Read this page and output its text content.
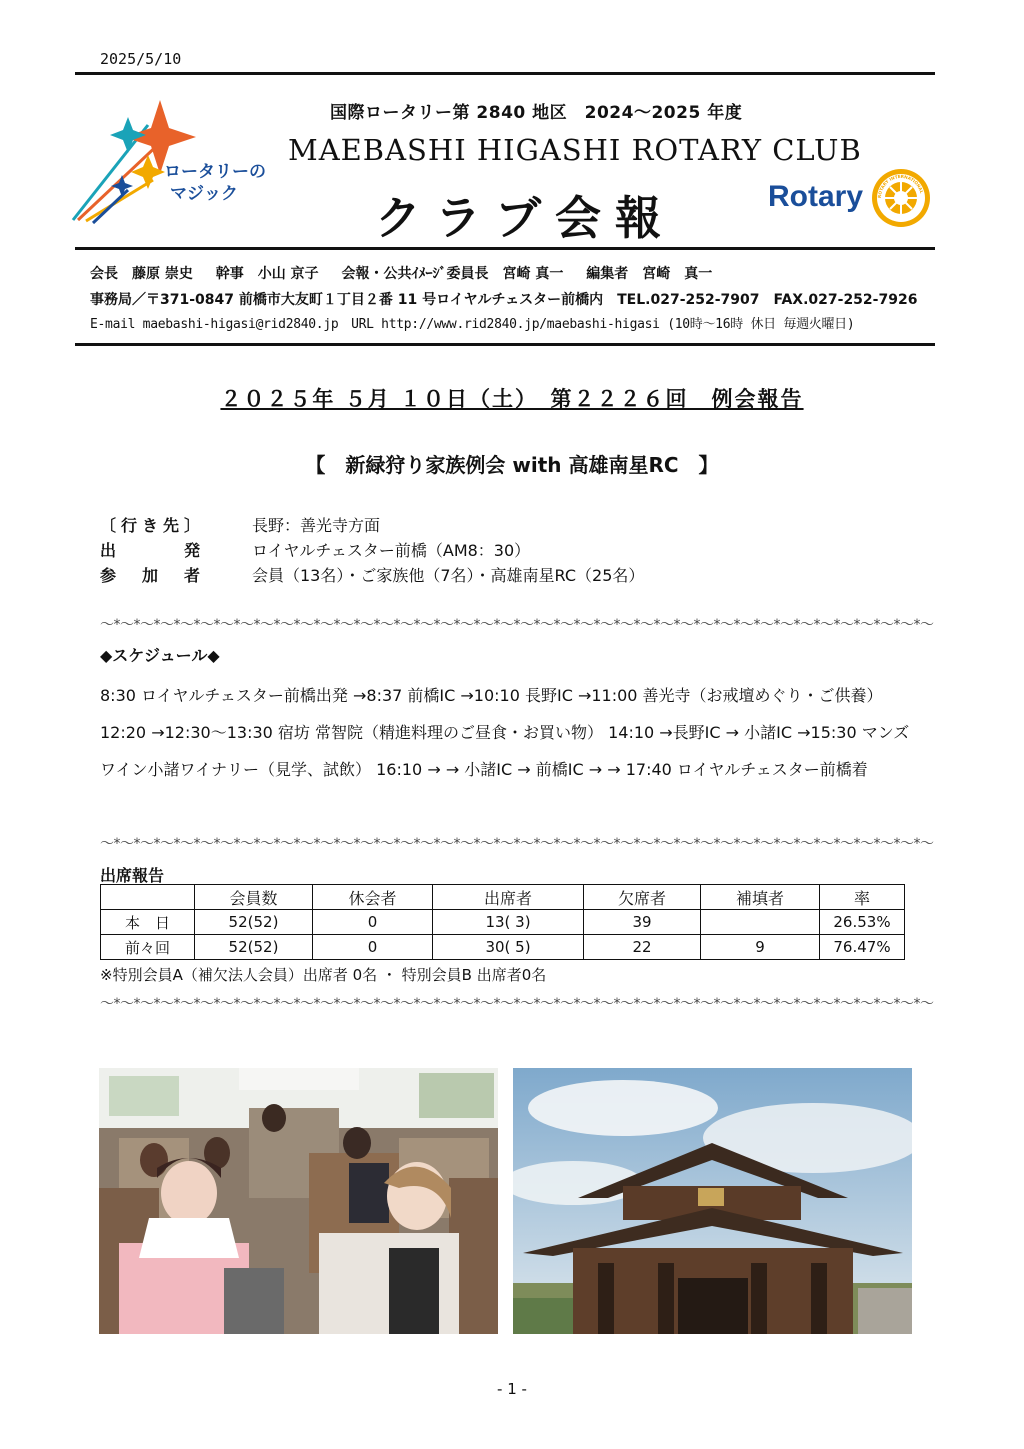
2025/5/10
ロータリーの
マジック
国際ロータリー第 2840 地区　2024～2025 年度
MAEBASHI HIGASHI ROTARY CLUB
クラブ会報	Rotary	ROTARY INTERNATIONAL
会長　藤原 崇史 幹事　小山 京子 会報・公共ｲﾒｰｼﾞ委員長　宮崎 真一 編集者　宮崎　真一
事務局／〒371-0847 前橋市大友町１丁目２番 11 号ロイヤルチェスター前橋内　TEL.027-252-7907　FAX.027-252-7926
E-mail maebashi-higasi@rid2840.jp　URL http://www.rid2840.jp/maebashi-higasi (10時～16時 休日 毎週火曜日)
２０２５年 ５月 １０日（土）　第２２２６回　例会報告
【　新緑狩り家族例会 with 高雄南星RC　】
〔行き先〕	長野：善光寺方面
出　　　発	ロイヤルチェスター前橋（AM8：30）
参　加　者	会員（13名）・ご家族他（7名）・高雄南星RC（25名）
～*～*～*～*～*～*～*～*～*～*～*～*～*～*～*～*～*～*～*～*～*～*～*～*～*～*～*～*～*～*～*～*～*～*～*～*～*～*～*～*～*～
◆スケジュール◆
8:30 ロイヤルチェスター前橋出発 →8:37 前橋IC →10:10 長野IC →11:00 善光寺（お戒壇めぐり・ご供養）12:20 →12:30～13:30 宿坊 常智院（精進料理のご昼食・お買い物） 14:10 →長野IC → 小諸IC →15:30 マンズワイン小諸ワイナリー（見学、試飲） 16:10 → → 小諸IC → 前橋IC → → 17:40 ロイヤルチェスター前橋着
～*～*～*～*～*～*～*～*～*～*～*～*～*～*～*～*～*～*～*～*～*～*～*～*～*～*～*～*～*～*～*～*～*～*～*～*～*～*～*～*～*～
出席報告
	会員数	休会者	出席者	欠席者	補填者	率
本　日	52(52)	0	13( 3)	39		26.53%
前々回	52(52)	0	30( 5)	22	9	76.47%
※特別会員A（補欠法人会員）出席者 0名 ・ 特別会員B 出席者0名
～*～*～*～*～*～*～*～*～*～*～*～*～*～*～*～*～*～*～*～*～*～*～*～*～*～*～*～*～*～*～*～*～*～*～*～*～*～*～*～*～*～
- 1 -
